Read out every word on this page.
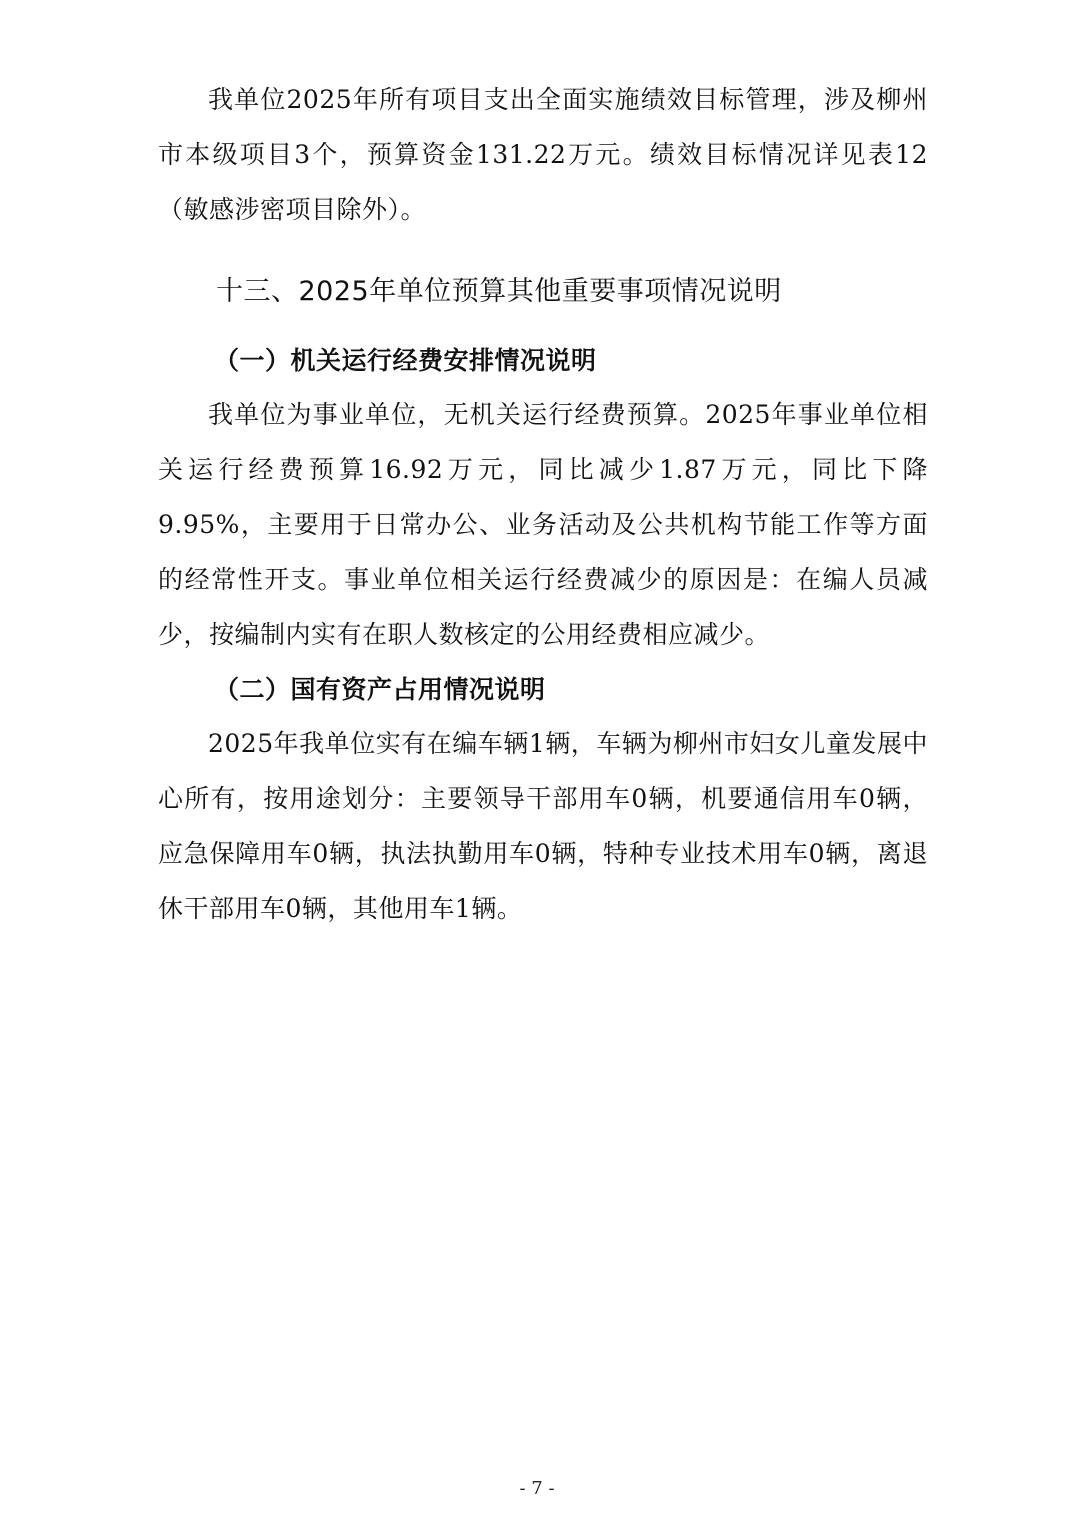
我单位2025年所有项目支出全面实施绩效目标管理，涉及柳州市本级项目3个，预算资金131.22万元。绩效目标情况详见表12（敏感涉密项目除外）。

十三、2025年单位预算其他重要事项情况说明
（一）机关运行经费安排情况说明

我单位为事业单位，无机关运行经费预算。2025年事业单位相关运行经费预算16.92万元，同比减少1.87万元，同比下降9.95%，主要用于日常办公、业务活动及公共机构节能工作等方面的经常性开支。事业单位相关运行经费减少的原因是：在编人员减少，按编制内实有在职人数核定的公用经费相应减少。

（二）国有资产占用情况说明

2025年我单位实有在编车辆1辆，车辆为柳州市妇女儿童发展中心所有，按用途划分：主要领导干部用车0辆，机要通信用车0辆，应急保障用车0辆，执法执勤用车0辆，特种专业技术用车0辆，离退休干部用车0辆，其他用车1辆。

- 7 -
